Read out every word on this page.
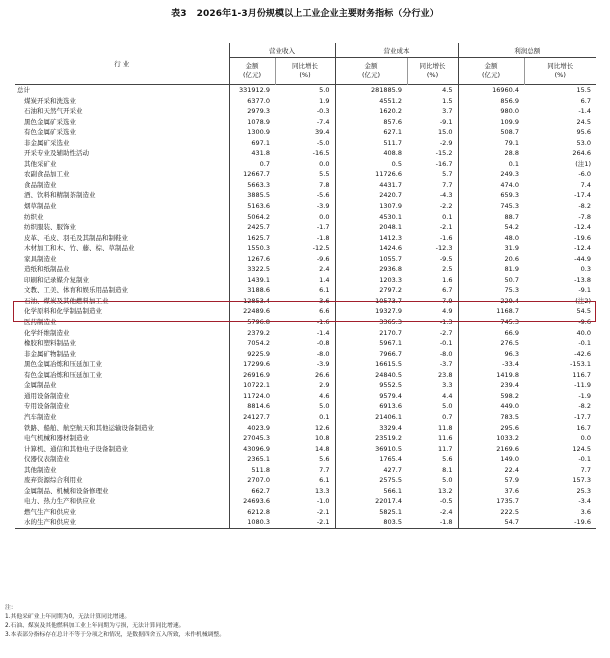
表3 2026年1-3月份规模以上工业企业主要财务指标（分行业）
行 业	营业收入		营业成本		利润总额	
	金额
(亿元)	同比增长
(%)	金额
(亿元)	同比增长
(%)	金额
(亿元)	同比增长
(%)
总计	331912.9	5.0	281885.9	4.5	16960.4	15.5
煤炭开采和洗选业	6377.0	1.9	4551.2	1.5	856.9	6.7
石油和天然气开采业	2979.3	-0.3	1620.2	3.7	980.0	-1.4
黑色金属矿采选业	1078.9	-7.4	857.6	-9.1	109.9	24.5
有色金属矿采选业	1300.9	39.4	627.1	15.0	508.7	95.6
非金属矿采选业	697.1	-5.0	511.7	-2.9	79.1	53.0
开采专业及辅助性活动	431.8	-16.5	408.8	-15.2	28.8	264.6
其他采矿业	0.7	0.0	0.5	-16.7	0.1	(注1)
农副食品加工业	12667.7	5.5	11726.6	5.7	249.3	-6.0
食品制造业	5663.3	7.8	4431.7	7.7	474.0	7.4
酒、饮料和精制茶制造业	3885.5	-5.6	2420.7	-4.3	659.3	-17.4
烟草制品业	5163.6	-3.9	1307.9	-2.2	745.3	-8.2
纺织业	5064.2	0.0	4530.1	0.1	88.7	-7.8
纺织服装、服饰业	2425.7	-1.7	2048.1	-2.1	54.2	-12.4
皮革、毛皮、羽毛及其制品和制鞋业	1625.7	-1.8	1412.3	-1.6	48.0	-19.6
木材加工和木、竹、藤、棕、草制品业	1550.3	-12.5	1424.6	-12.3	31.9	-12.4
家具制造业	1267.6	-9.6	1055.7	-9.5	20.6	-44.9
造纸和纸制品业	3322.5	2.4	2936.8	2.5	81.9	0.3
印刷和记录媒介复制业	1439.1	1.4	1203.3	1.6	50.7	-13.8
文教、工美、体育和娱乐用品制造业	3188.6	6.1	2797.2	6.7	75.3	-9.1
石油、煤炭及其他燃料加工业	12853.4	-3.6	10573.7	-7.9	229.4	(注2)
化学原料和化学制品制造业	22489.6	6.6	19327.9	4.9	1168.7	54.5
医药制造业	5796.8	-1.6	3365.3	-1.3	745.3	-9.6
化学纤维制造业	2379.2	-1.4	2170.7	-2.7	66.9	40.0
橡胶和塑料制品业	7054.2	-0.8	5967.1	-0.1	276.5	-0.1
非金属矿物制品业	9225.9	-8.0	7966.7	-8.0	96.3	-42.6
黑色金属冶炼和压延加工业	17299.6	-3.9	16615.5	-3.7	-33.4	-153.1
有色金属冶炼和压延加工业	26916.9	26.6	24840.5	23.8	1419.8	116.7
金属制品业	10722.1	2.9	9552.5	3.3	239.4	-11.9
通用设备制造业	11724.0	4.6	9579.4	4.4	598.2	-1.9
专用设备制造业	8814.6	5.0	6913.6	5.0	449.0	-8.2
汽车制造业	24127.7	0.1	21406.1	0.7	783.5	-17.7
铁路、船舶、航空航天和其他运输设备制造业	4023.9	12.6	3329.4	11.8	295.6	16.7
电气机械和器材制造业	27045.3	10.8	23519.2	11.6	1033.2	0.0
计算机、通信和其他电子设备制造业	43096.9	14.8	36910.5	11.7	2169.6	124.5
仪器仪表制造业	2365.1	5.6	1765.4	5.6	149.0	-0.1
其他制造业	511.8	7.7	427.7	8.1	22.4	7.7
废弃资源综合利用业	2707.0	6.1	2575.5	5.0	57.9	157.3
金属制品、机械和设备修理业	662.7	13.3	566.1	13.2	37.6	25.3
电力、热力生产和供应业	24693.6	-1.0	22017.4	-0.5	1735.7	-3.4
燃气生产和供应业	6212.8	-2.1	5825.1	-2.4	222.5	3.6
水的生产和供应业	1080.3	-2.1	803.5	-1.8	54.7	-19.6
注：
1.其他采矿业上年同期为0，无法计算同比增速。
2.石油、煤炭及其他燃料加工业上年同期为亏损，无法计算同比增速。
3.本表部分指标存在总计不等于分项之和情况，是数据四舍五入所致，未作机械调整。
